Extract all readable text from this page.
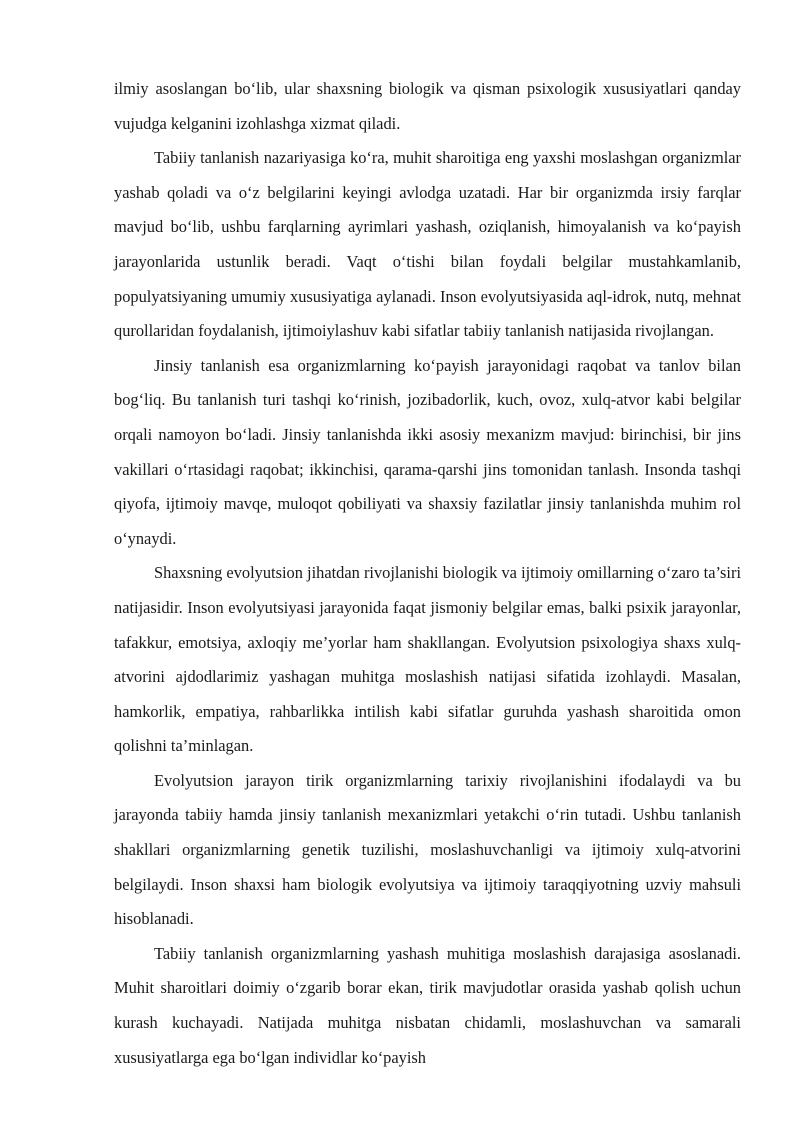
ilmiy asoslangan bo‘lib, ular shaxsning biologik va qisman psixologik xususiyatlari qanday vujudga kelganini izohlashga xizmat qiladi.

Tabiiy tanlanish nazariyasiga ko‘ra, muhit sharoitiga eng yaxshi moslashgan organizmlar yashab qoladi va o‘z belgilarini keyingi avlodga uzatadi. Har bir organizmda irsiy farqlar mavjud bo‘lib, ushbu farqlarning ayrimlari yashash, oziqlanish, himoyalanish va ko‘payish jarayonlarida ustunlik beradi. Vaqt o‘tishi bilan foydali belgilar mustahkamlanib, populyatsiyaning umumiy xususiyatiga aylanadi. Inson evolyutsiyasida aql-idrok, nutq, mehnat qurollaridan foydalanish, ijtimoiylashuv kabi sifatlar tabiiy tanlanish natijasida rivojlangan.

Jinsiy tanlanish esa organizmlarning ko‘payish jarayonidagi raqobat va tanlov bilan bog‘liq. Bu tanlanish turi tashqi ko‘rinish, jozibadorlik, kuch, ovoz, xulq-atvor kabi belgilar orqali namoyon bo‘ladi. Jinsiy tanlanishda ikki asosiy mexanizm mavjud: birinchisi, bir jins vakillari o‘rtasidagi raqobat; ikkinchisi, qarama-qarshi jins tomonidan tanlash. Insonda tashqi qiyofa, ijtimoiy mavqe, muloqot qobiliyati va shaxsiy fazilatlar jinsiy tanlanishda muhim rol o‘ynaydi.

Shaxsning evolyutsion jihatdan rivojlanishi biologik va ijtimoiy omillarning o‘zaro ta’siri natijasidir. Inson evolyutsiyasi jarayonida faqat jismoniy belgilar emas, balki psixik jarayonlar, tafakkur, emotsiya, axloqiy me’yorlar ham shakllangan. Evolyutsion psixologiya shaxs xulq-atvorini ajdodlarimiz yashagan muhitga moslashish natijasi sifatida izohlaydi. Masalan, hamkorlik, empatiya, rahbarlikka intilish kabi sifatlar guruhda yashash sharoitida omon qolishni ta’minlagan.

Evolyutsion jarayon tirik organizmlarning tarixiy rivojlanishini ifodalaydi va bu jarayonda tabiiy hamda jinsiy tanlanish mexanizmlari yetakchi o‘rin tutadi. Ushbu tanlanish shakllari organizmlarning genetik tuzilishi, moslashuvchanligi va ijtimoiy xulq-atvorini belgilaydi. Inson shaxsi ham biologik evolyutsiya va ijtimoiy taraqqiyotning uzviy mahsuli hisoblanadi.

Tabiiy tanlanish organizmlarning yashash muhitiga moslashish darajasiga asoslanadi. Muhit sharoitlari doimiy o‘zgarib borar ekan, tirik mavjudotlar orasida yashab qolish uchun kurash kuchayadi. Natijada muhitga nisbatan chidamli, moslashuvchan va samarali xususiyatlarga ega bo‘lgan individlar ko‘payish
